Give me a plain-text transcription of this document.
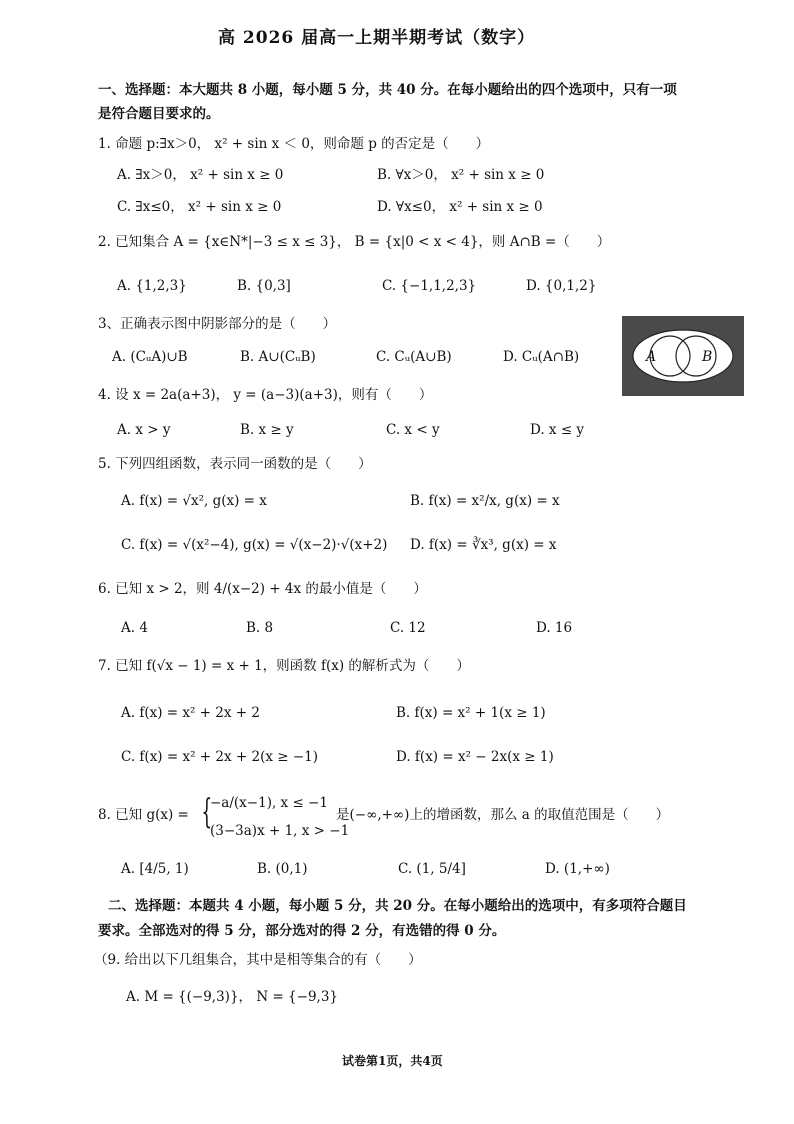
高 2026 届高一上期半期考试（数字）
一、选择题：本大题共 8 小题，每小题 5 分，共 40 分。在每小题给出的四个选项中，只有一项
是符合题目要求的。
1. 命题 p:∃x＞0， x² + sin x ＜ 0，则命题 p 的否定是（　　）
A. ∃x＞0， x² + sin x ≥ 0	B. ∀x＞0， x² + sin x ≥ 0
C. ∃x≤0， x² + sin x ≥ 0	D. ∀x≤0， x² + sin x ≥ 0
2. 已知集合 A = {x∈N*|−3 ≤ x ≤ 3}， B = {x|0 < x < 4}，则 A∩B =（　　）
A. {1,2,3}	B. {0,3]	C. {−1,1,2,3}	D. {0,1,2}
3、正确表示图中阴影部分的是（　　）
A. (CᵤA)∪B	B. A∪(CᵤB)	C. Cᵤ(A∪B)	D. Cᵤ(A∩B)	A	B
4. 设 x = 2a(a+3)， y = (a−3)(a+3)，则有（　　）
A. x > y	B. x ≥ y	C. x < y	D. x ≤ y
5. 下列四组函数，表示同一函数的是（　　）
A. f(x) = √x², g(x) = x	B. f(x) = x²/x, g(x) = x
C. f(x) = √(x²−4), g(x) = √(x−2)·√(x+2) D. f(x) = ∛x³, g(x) = x
6. 已知 x > 2，则 4/(x−2) + 4x 的最小值是（　　）
A. 4	B. 8	C. 12	D. 16
7. 已知 f(√x − 1) = x + 1，则函数 f(x) 的解析式为（　　）
A. f(x) = x² + 2x + 2	B. f(x) = x² + 1(x ≥ 1)
C. f(x) = x² + 2x + 2(x ≥ −1)	D. f(x) = x² − 2x(x ≥ 1)
8. 已知 g(x) = {
−a/(x−1), x ≤ −1
(3−3a)x + 1, x > −1
是(−∞,+∞)上的增函数，那么 a 的取值范围是（　　）
A. [4/5, 1)	B. (0,1)	C. (1, 5/4]	D. (1,+∞)
二、选择题：本题共 4 小题，每小题 5 分，共 20 分。在每小题给出的选项中，有多项符合题目
要求。全部选对的得 5 分，部分选对的得 2 分，有选错的得 0 分。
（9. 给出以下几组集合，其中是相等集合的有（　　）
A. M = {(−9,3)}， N = {−9,3}
试卷第1页，共4页
